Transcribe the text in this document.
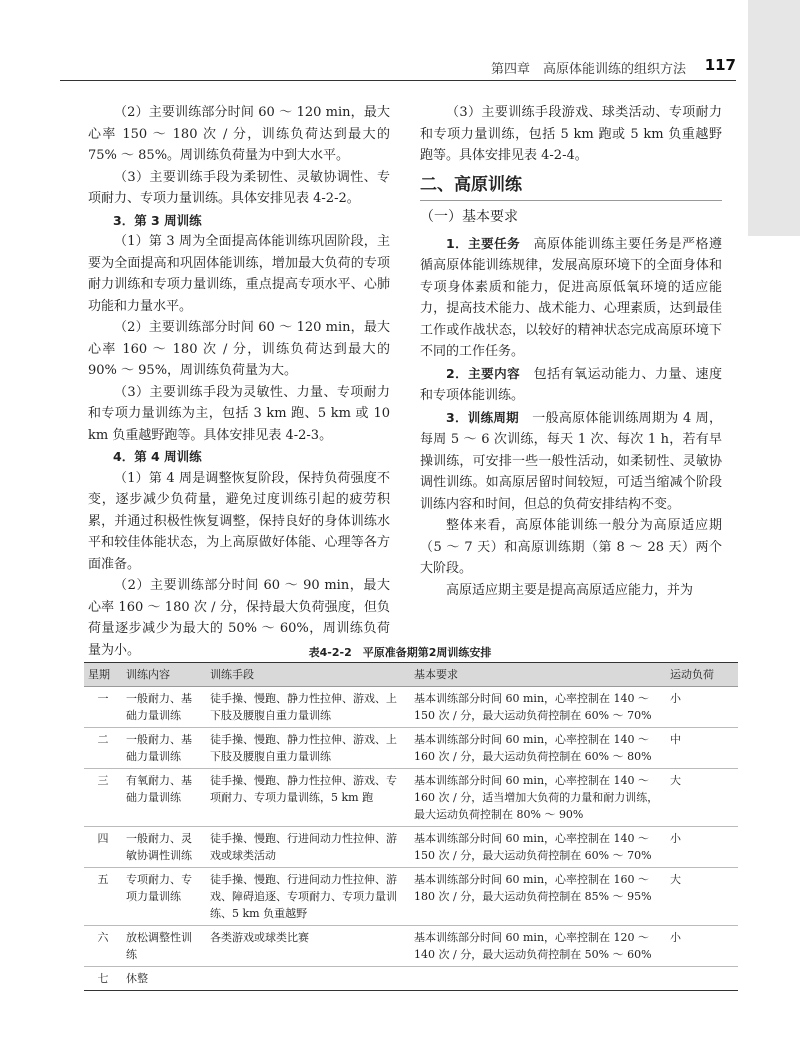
第四章　高原体能训练的组织方法 117

（2）主要训练部分时间 60 ～ 120 min，最大心率 150 ～ 180 次 / 分，训练负荷达到最大的 75% ～ 85%。周训练负荷量为中到大水平。

（3）主要训练手段为柔韧性、灵敏协调性、专项耐力、专项力量训练。具体安排见表 4-2-2。

3．第 3 周训练

（1）第 3 周为全面提高体能训练巩固阶段，主要为全面提高和巩固体能训练，增加最大负荷的专项耐力训练和专项力量训练，重点提高专项水平、心肺功能和力量水平。

（2）主要训练部分时间 60 ～ 120 min，最大心率 160 ～ 180 次 / 分，训练负荷达到最大的 90% ～ 95%，周训练负荷量为大。

（3）主要训练手段为灵敏性、力量、专项耐力和专项力量训练为主，包括 3 km 跑、5 km 或 10 km 负重越野跑等。具体安排见表 4-2-3。

4．第 4 周训练

（1）第 4 周是调整恢复阶段，保持负荷强度不变，逐步减少负荷量，避免过度训练引起的疲劳积累，并通过积极性恢复调整，保持良好的身体训练水平和较佳体能状态，为上高原做好体能、心理等各方面准备。

（2）主要训练部分时间 60 ～ 90 min，最大心率 160 ～ 180 次 / 分，保持最大负荷强度，但负荷量逐步减少为最大的 50% ～ 60%，周训练负荷量为小。

（3）主要训练手段游戏、球类活动、专项耐力和专项力量训练，包括 5 km 跑或 5 km 负重越野跑等。具体安排见表 4-2-4。

二、高原训练
（一）基本要求

1．主要任务　高原体能训练主要任务是严格遵循高原体能训练规律，发展高原环境下的全面身体和专项身体素质和能力，促进高原低氧环境的适应能力，提高技术能力、战术能力、心理素质，达到最佳工作或作战状态，以较好的精神状态完成高原环境下不同的工作任务。

2．主要内容　包括有氧运动能力、力量、速度和专项体能训练。

3．训练周期　一般高原体能训练周期为 4 周，每周 5 ～ 6 次训练，每天 1 次、每次 1 h，若有早操训练，可安排一些一般性活动，如柔韧性、灵敏协调性训练。如高原居留时间较短，可适当缩减个阶段训练内容和时间，但总的负荷安排结构不变。

整体来看，高原体能训练一般分为高原适应期（5 ～ 7 天）和高原训练期（第 8 ～ 28 天）两个大阶段。

高原适应期主要是提高高原适应能力，并为

表4-2-2　平原准备期第2周训练安排
星期	训练内容	训练手段	基本要求	运动负荷
一	一般耐力、基础力量训练	徒手操、慢跑、静力性拉伸、游戏、上下肢及腰腹自重力量训练	基本训练部分时间 60 min，心率控制在 140 ～ 150 次 / 分，最大运动负荷控制在 60% ～ 70%	小
二	一般耐力、基础力量训练	徒手操、慢跑、静力性拉伸、游戏、上下肢及腰腹自重力量训练	基本训练部分时间 60 min，心率控制在 140 ～ 160 次 / 分，最大运动负荷控制在 60% ～ 80%	中
三	有氧耐力、基础力量训练	徒手操、慢跑、静力性拉伸、游戏、专项耐力、专项力量训练，5 km 跑	基本训练部分时间 60 min，心率控制在 140 ～ 160 次 / 分，适当增加大负荷的力量和耐力训练，最大运动负荷控制在 80% ～ 90%	大
四	一般耐力、灵敏协调性训练	徒手操、慢跑、行进间动力性拉伸、游戏或球类活动	基本训练部分时间 60 min，心率控制在 140 ～ 150 次 / 分，最大运动负荷控制在 60% ～ 70%	小
五	专项耐力、专项力量训练	徒手操、慢跑、行进间动力性拉伸、游戏、障碍追逐、专项耐力、专项力量训练、5 km 负重越野	基本训练部分时间 60 min，心率控制在 160 ～ 180 次 / 分，最大运动负荷控制在 85% ～ 95%	大
六	放松调整性训练	各类游戏或球类比赛	基本训练部分时间 60 min，心率控制在 120 ～ 140 次 / 分，最大运动负荷控制在 50% ～ 60%	小
七	休整			
